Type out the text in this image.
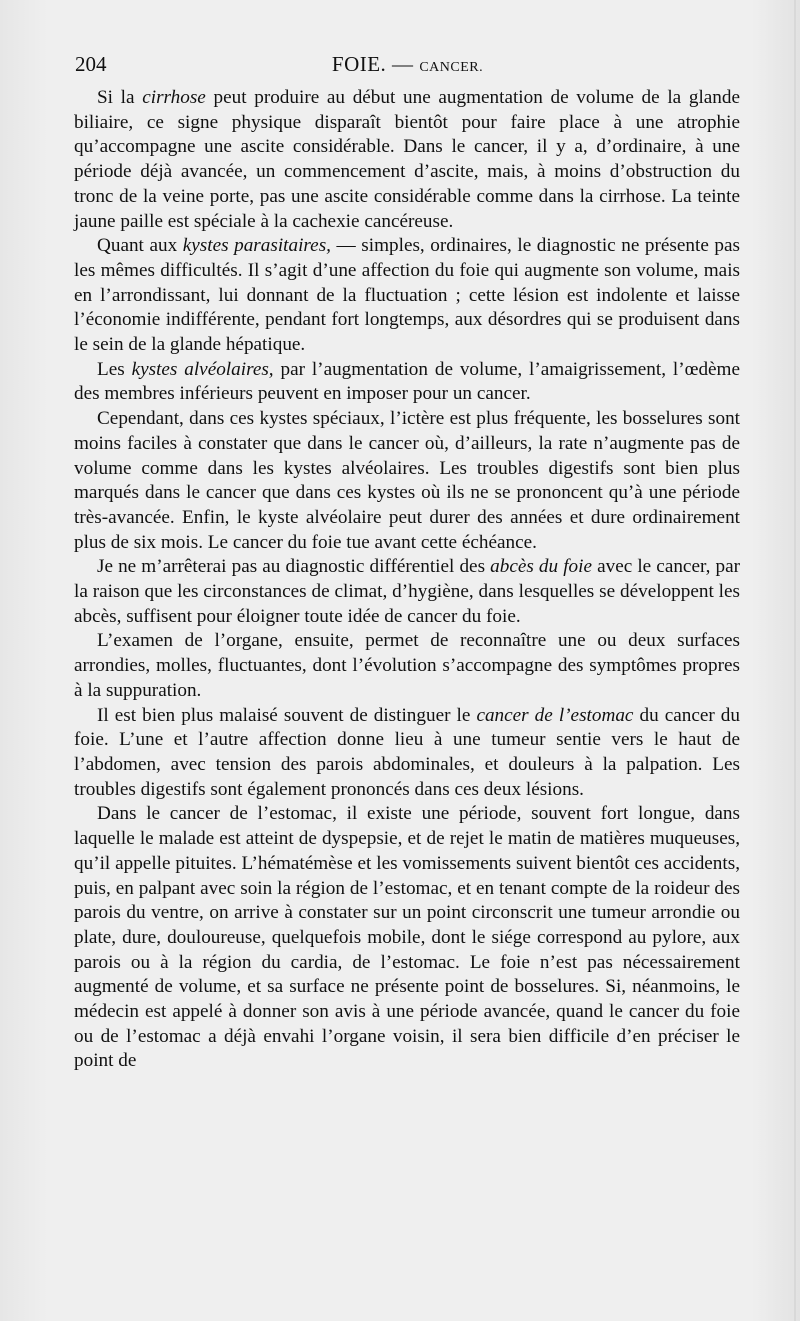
204	FOIE. — CANCER.

Si la cirrhose peut produire au début une augmentation de volume de la glande biliaire, ce signe physique disparaît bientôt pour faire place à une atrophie qu’accompagne une ascite considérable. Dans le cancer, il y a, d’ordinaire, à une période déjà avancée, un commencement d’ascite, mais, à moins d’obstruction du tronc de la veine porte, pas une ascite considérable comme dans la cirrhose. La teinte jaune paille est spéciale à la cachexie cancéreuse.

Quant aux kystes parasitaires, — simples, ordinaires, le diagnostic ne présente pas les mêmes difficultés. Il s’agit d’une affection du foie qui augmente son volume, mais en l’arrondissant, lui donnant de la fluctuation ; cette lésion est indolente et laisse l’économie indifférente, pendant fort longtemps, aux désordres qui se produisent dans le sein de la glande hépatique.

Les kystes alvéolaires, par l’augmentation de volume, l’amaigrissement, l’œdème des membres inférieurs peuvent en imposer pour un cancer.

Cependant, dans ces kystes spéciaux, l’ictère est plus fréquente, les bosselures sont moins faciles à constater que dans le cancer où, d’ailleurs, la rate n’augmente pas de volume comme dans les kystes alvéolaires. Les troubles digestifs sont bien plus marqués dans le cancer que dans ces kystes où ils ne se prononcent qu’à une période très-avancée. Enfin, le kyste alvéolaire peut durer des années et dure ordinairement plus de six mois. Le cancer du foie tue avant cette échéance.

Je ne m’arrêterai pas au diagnostic différentiel des abcès du foie avec le cancer, par la raison que les circonstances de climat, d’hygiène, dans lesquelles se développent les abcès, suffisent pour éloigner toute idée de cancer du foie.

L’examen de l’organe, ensuite, permet de reconnaître une ou deux surfaces arrondies, molles, fluctuantes, dont l’évolution s’accompagne des symptômes propres à la suppuration.

Il est bien plus malaisé souvent de distinguer le cancer de l’estomac du cancer du foie. L’une et l’autre affection donne lieu à une tumeur sentie vers le haut de l’abdomen, avec tension des parois abdominales, et douleurs à la palpation. Les troubles digestifs sont également prononcés dans ces deux lésions.

Dans le cancer de l’estomac, il existe une période, souvent fort longue, dans laquelle le malade est atteint de dyspepsie, et de rejet le matin de matières muqueuses, qu’il appelle pituites. L’hématémèse et les vomissements suivent bientôt ces accidents, puis, en palpant avec soin la région de l’estomac, et en tenant compte de la roideur des parois du ventre, on arrive à constater sur un point circonscrit une tumeur arrondie ou plate, dure, douloureuse, quelquefois mobile, dont le siége correspond au pylore, aux parois ou à la région du cardia, de l’estomac. Le foie n’est pas nécessairement augmenté de volume, et sa surface ne présente point de bosselures. Si, néanmoins, le médecin est appelé à donner son avis à une période avancée, quand le cancer du foie ou de l’estomac a déjà envahi l’organe voisin, il sera bien difficile d’en préciser le point de
